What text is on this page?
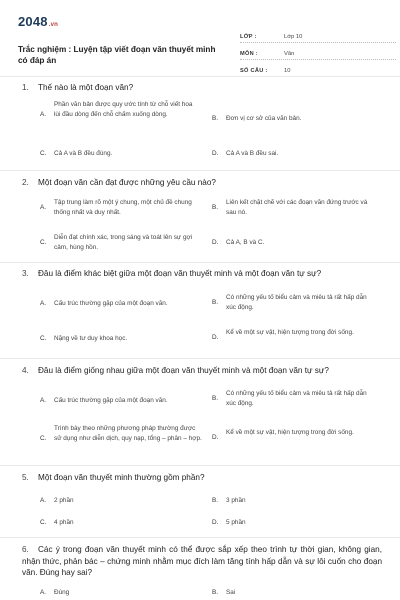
2048.vn
Trắc nghiệm : Luyện tập viết đoạn văn thuyết minh có đáp án
LỚP :	Lớp 10
MÔN :	Văn
SỐ CÂU :	10
1. Thế nào là một đoạn văn?
A.
Phần văn bản được quy ước tính từ chỗ viết hoa lùi đầu dòng đến chỗ chấm xuống dòng.
B. Đơn vị cơ sở của văn bản.
C. Cả A và B đều đúng.	D. Cả A và B đều sai.
2. Một đoạn văn cần đạt được những yêu cầu nào?
A.
Tập trung làm rõ một ý chung, một chủ đề chung thống nhất và duy nhất.
B.
Liên kết chặt chẽ với các đoạn văn đứng trước và sau nó.
C.
Diễn đạt chính xác, trong sáng và toát lên sự gợi cảm, hùng hồn.
D. Cả A, B và C.
3. Đâu là điểm khác biệt giữa một đoạn văn thuyết minh và một đoạn văn tự sự?
A. Cấu trúc thường gặp của một đoạn văn.	B.
Có những yếu tố biểu cảm và miêu tả rất hấp dẫn xúc động.
C. Nặng về tư duy khoa học.	D.
Kể về một sự vật, hiện tượng trong đời sống.
4. Đâu là điểm giống nhau giữa một đoạn văn thuyết minh và một đoạn văn tự sự?
A. Cấu trúc thường gặp của một đoạn văn.	B.
Có những yếu tố biểu cảm và miêu tả rất hấp dẫn xúc động.
C.
Trình bày theo những phương pháp thường được sử dụng như diễn dịch, quy nạp, tổng – phân – hợp.	D.
Kể về một sự vật, hiện tượng trong đời sống.
5. Một đoạn văn thuyết minh thường gồm phần?
A. 2 phần	B. 3 phần
C. 4 phần	D. 5 phần
6. Các ý trong đoạn văn thuyết minh có thể được sắp xếp theo trình tự thời gian, không gian, nhận thức, phản bác – chứng minh nhằm mục đích làm tăng tính hấp dẫn và sự lôi cuốn cho đoạn văn. Đúng hay sai?
A. Đúng	B. Sai
